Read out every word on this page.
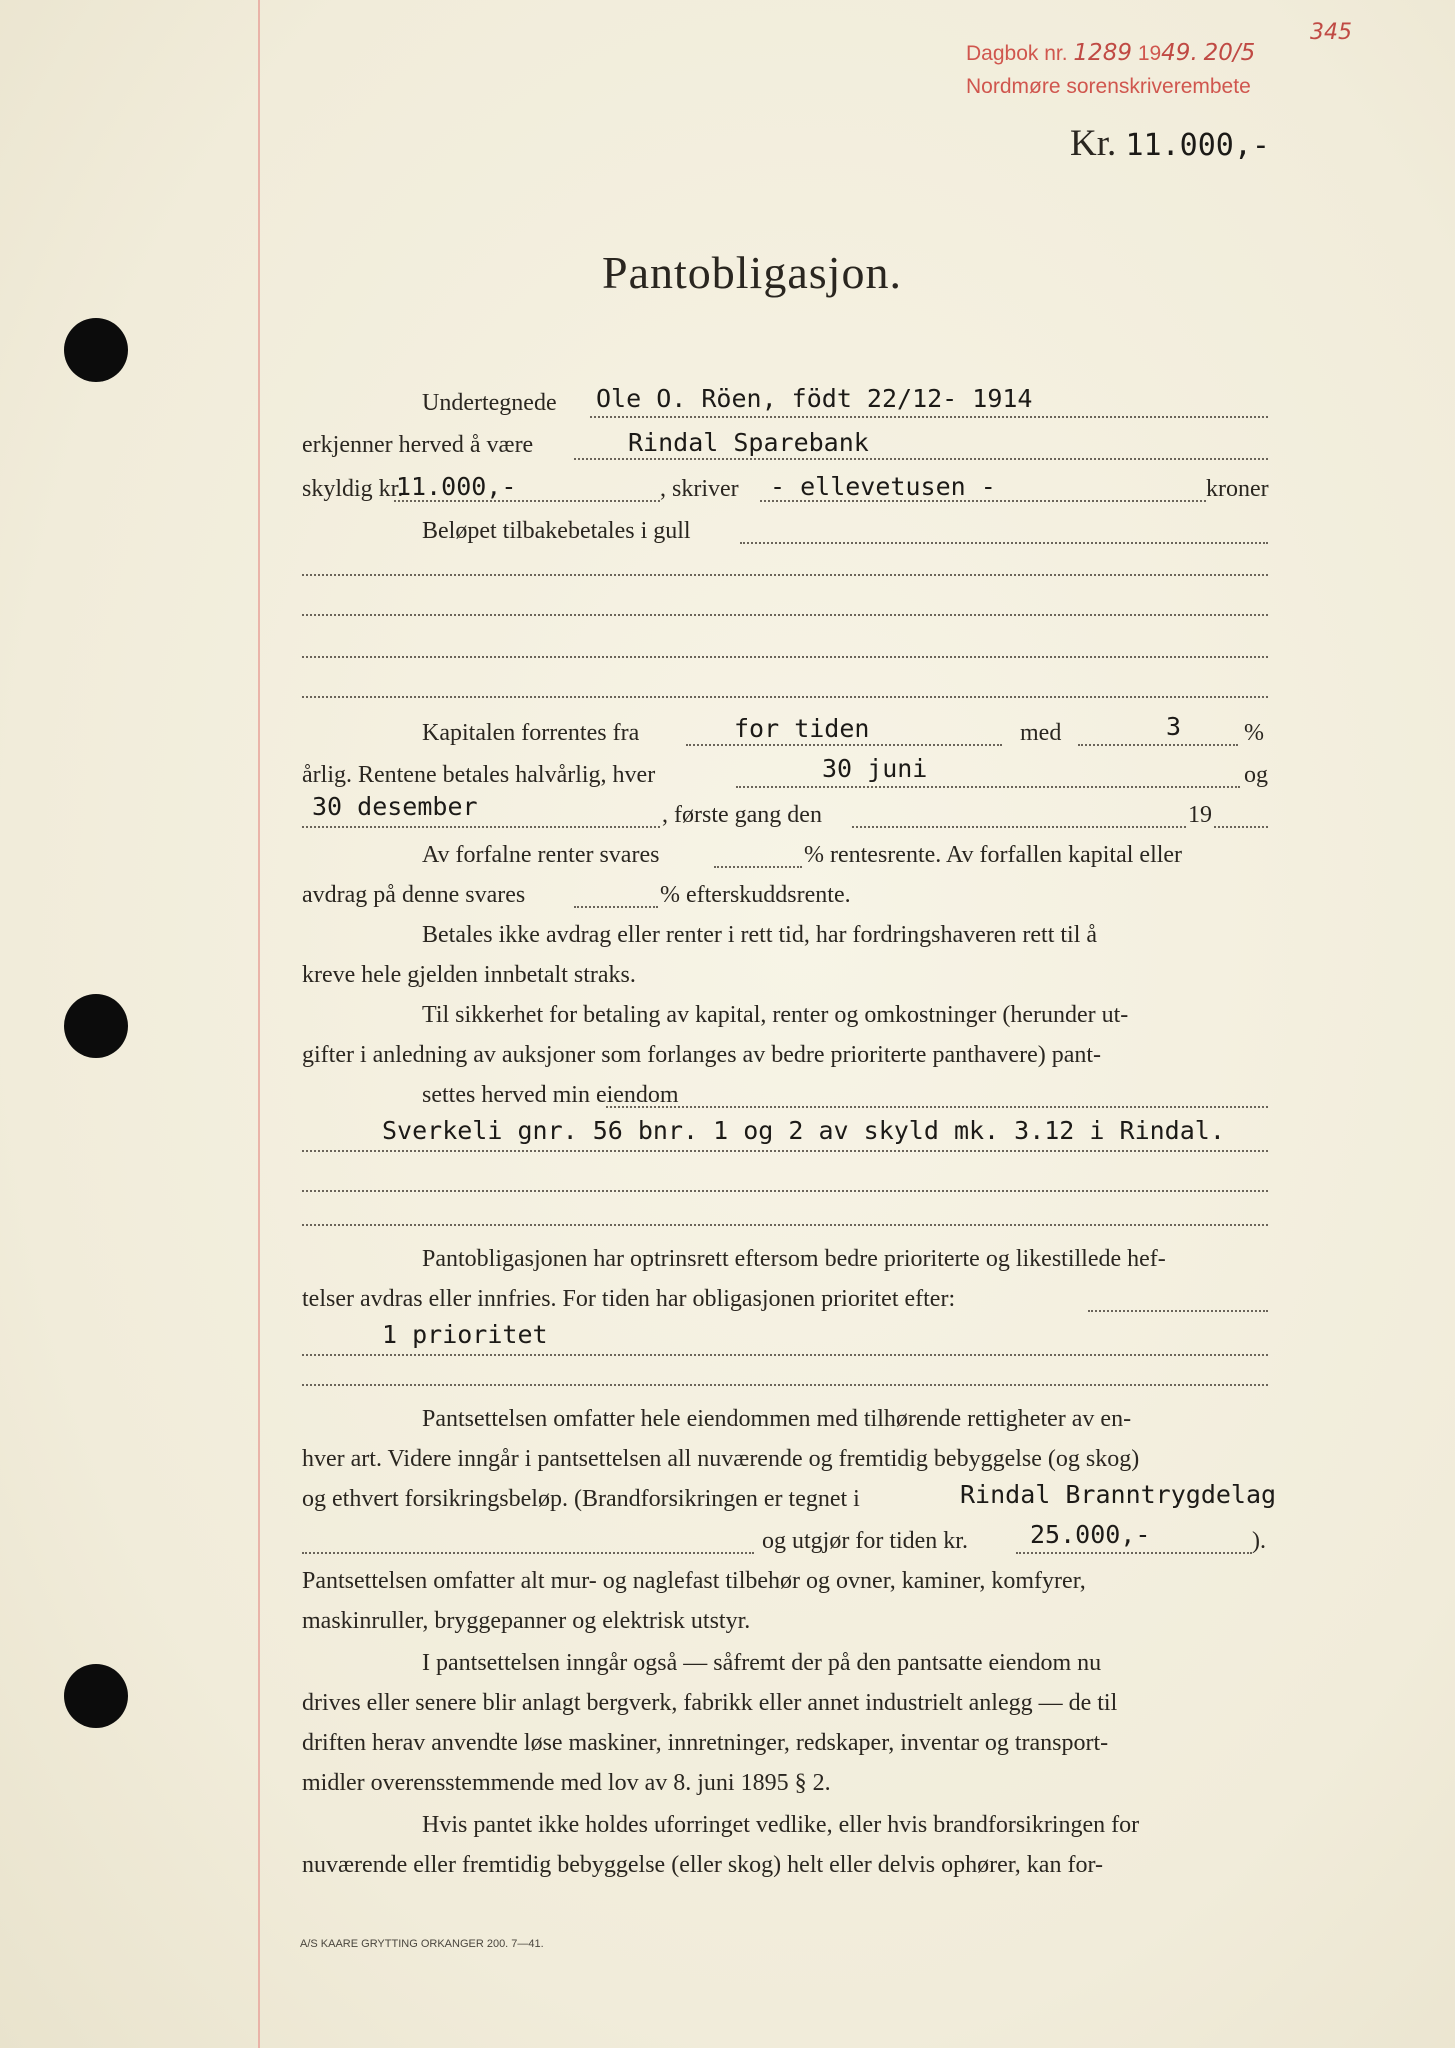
Dagbok nr. 1289 1949. 20/5
Nordmøre sorenskriverembete
345
Kr. 11.000,-
Pantobligasjon.
Undertegnede Ole O. Röen, födt 22/12- 1914
erkjenner herved å være	Rindal Sparebank
skyldig kr.
11.000,-	, skriver - ellevetusen -	kroner
Beløpet tilbakebetales i gull
Kapitalen forrentes fra	for tiden	med	3	%
årlig. Rentene betales halvårlig, hver	30 juni	og
30 desember	, første gang den	19
Av forfalne renter svares	% rentesrente. Av forfallen kapital eller
avdrag på denne svares	% efterskuddsrente.
Betales ikke avdrag eller renter i rett tid, har fordringshaveren rett til å
kreve hele gjelden innbetalt straks.
Til sikkerhet for betaling av kapital, renter og omkostninger (herunder ut-
gifter i anledning av auksjoner som forlanges av bedre prioriterte panthavere) pant-
settes herved min eiendom
Sverkeli gnr. 56 bnr. 1 og 2 av skyld mk. 3.12 i Rindal.
Pantobligasjonen har optrinsrett eftersom bedre prioriterte og likestillede hef-
telser avdras eller innfries. For tiden har obligasjonen prioritet efter:
1 prioritet
Pantsettelsen omfatter hele eiendommen med tilhørende rettigheter av en-
hver art. Videre inngår i pantsettelsen all nuværende og fremtidig bebyggelse (og skog)
og ethvert forsikringsbeløp. (Brandforsikringen er tegnet i	Rindal Branntrygdelag
og utgjør for tiden kr. 25.000,-	).
Pantsettelsen omfatter alt mur- og naglefast tilbehør og ovner, kaminer, komfyrer,
maskinruller, bryggepanner og elektrisk utstyr.
I pantsettelsen inngår også — såfremt der på den pantsatte eiendom nu
drives eller senere blir anlagt bergverk, fabrikk eller annet industrielt anlegg — de til
driften herav anvendte løse maskiner, innretninger, redskaper, inventar og transport-
midler overensstemmende med lov av 8. juni 1895 § 2.
Hvis pantet ikke holdes uforringet vedlike, eller hvis brandforsikringen for
nuværende eller fremtidig bebyggelse (eller skog) helt eller delvis ophører, kan for-
A/S KAARE GRYTTING ORKANGER 200. 7—41.
